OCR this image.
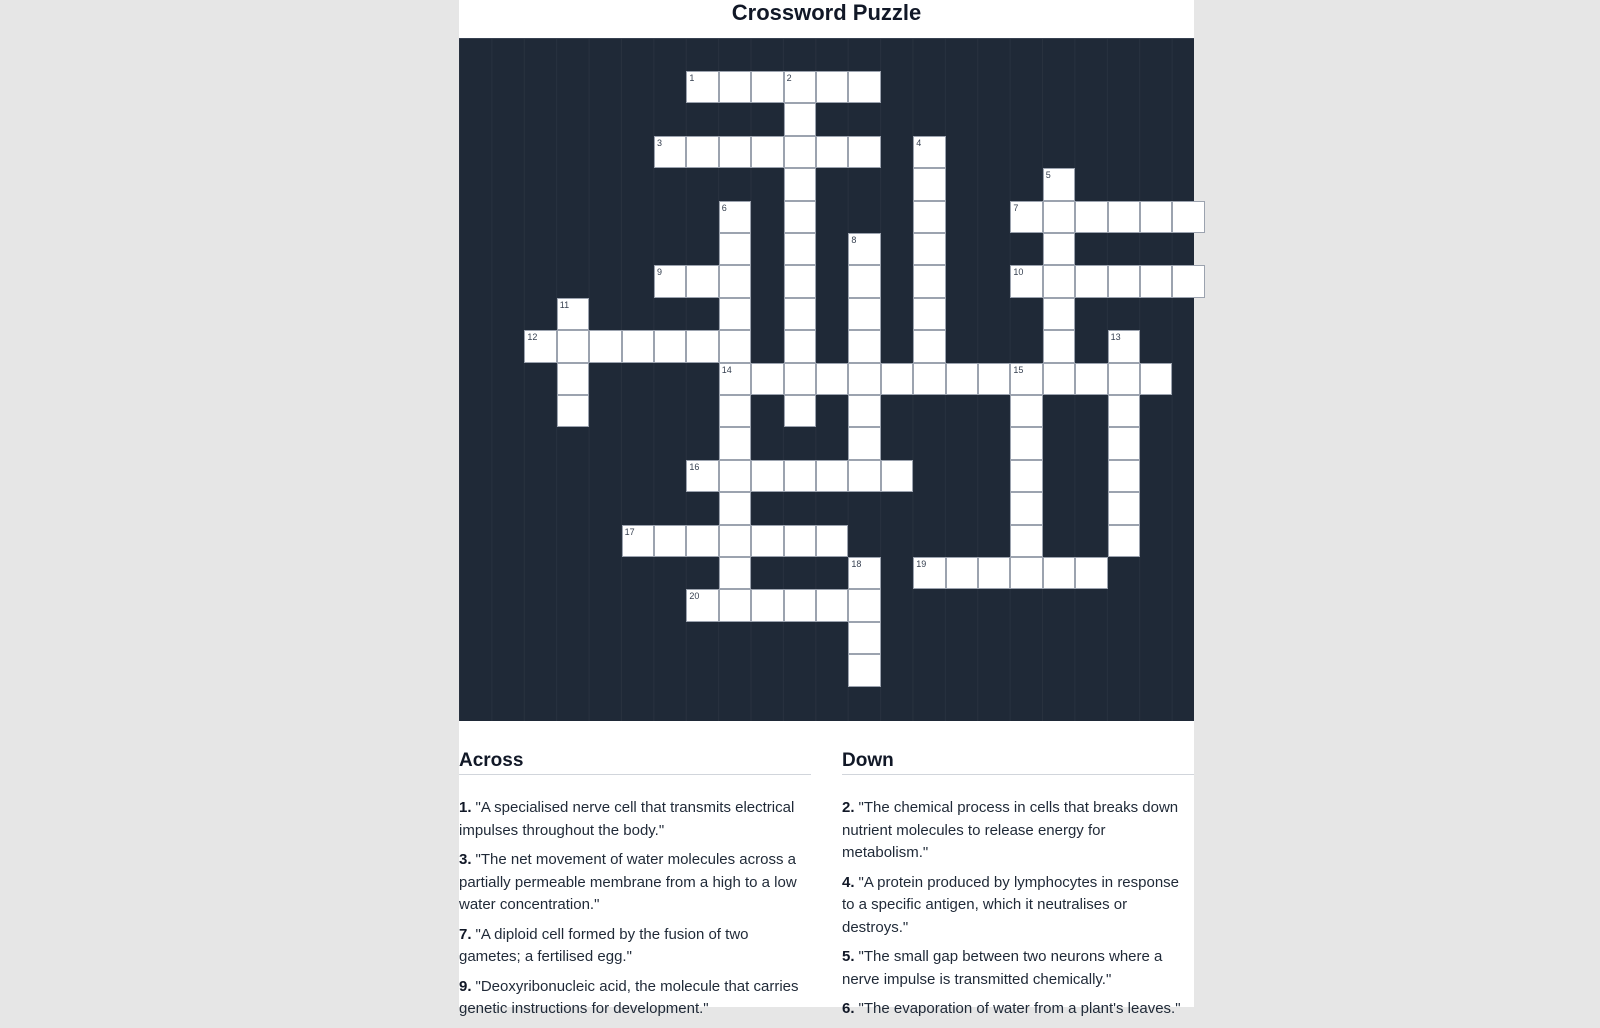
Crossword Puzzle
1	2
3	4
5
6	7
8
9	10
11
12	13
14	15
16
17
18	19
20
Across

1. "A specialised nerve cell that transmits electrical impulses throughout the body."

3. "The net movement of water molecules across a partially permeable membrane from a high to a low water concentration."

7. "A diploid cell formed by the fusion of two gametes; a fertilised egg."

9. "Deoxyribonucleic acid, the molecule that carries genetic instructions for development."

Down

2. "The chemical process in cells that breaks down nutrient molecules to release energy for metabolism."

4. "A protein produced by lymphocytes in response to a specific antigen, which it neutralises or destroys."

5. "The small gap between two neurons where a nerve impulse is transmitted chemically."

6. "The evaporation of water from a plant's leaves."
